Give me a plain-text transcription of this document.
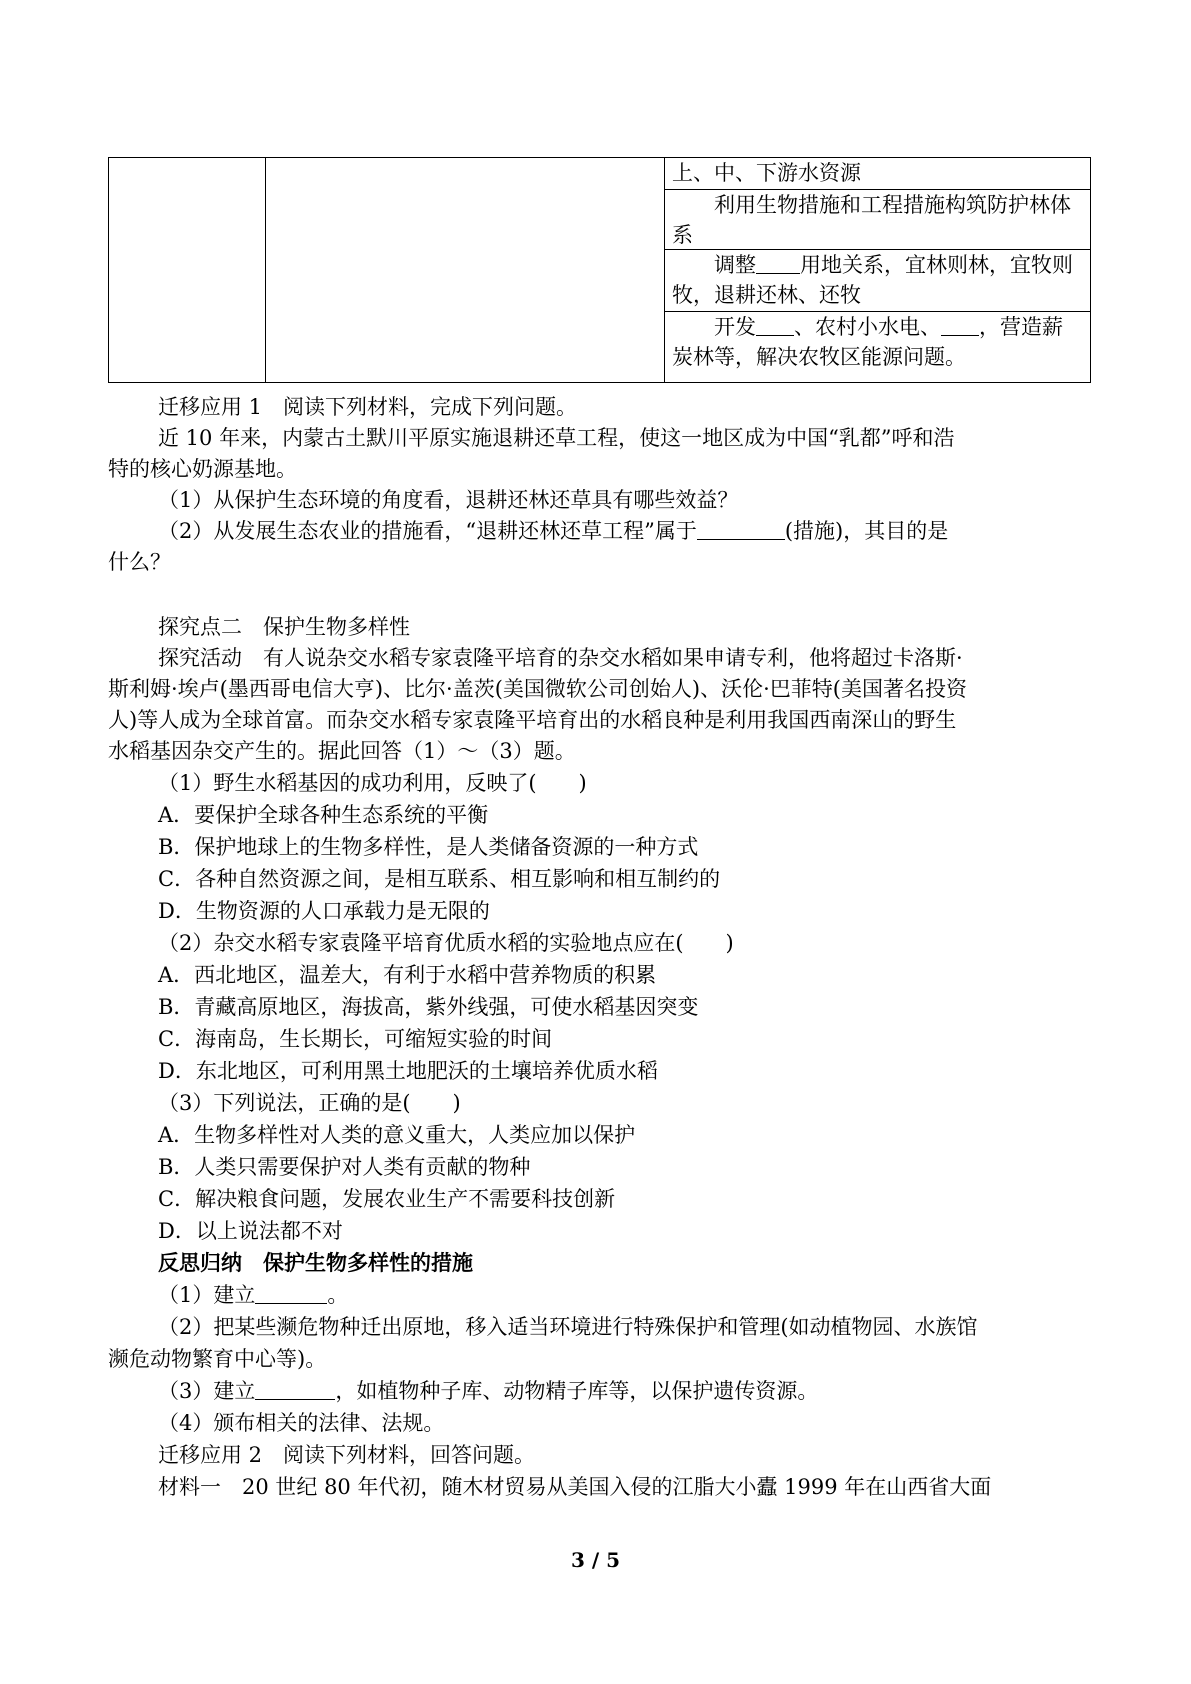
上、中、下游水资源

利用生物措施和工程措施构筑防护林体系

调整 用地关系，宜林则林，宜牧则牧，退耕还林、还牧

开发 、农村小水电、 ，营造薪炭林等，解决农牧区能源问题。

迁移应用 1　阅读下列材料，完成下列问题。
近 10 年来，内蒙古土默川平原实施退耕还草工程，使这一地区成为中国“乳都”呼和浩
特的核心奶源基地。
（1）从保护生态环境的角度看，退耕还林还草具有哪些效益？
（2）从发展生态农业的措施看，“退耕还林还草工程”属于	(措施)，其目的是
什么？
探究点二　保护生物多样性
探究活动　有人说杂交水稻专家袁隆平培育的杂交水稻如果申请专利，他将超过卡洛斯·
斯利姆·埃卢(墨西哥电信大亨)、比尔·盖茨(美国微软公司创始人)、沃伦·巴菲特(美国著名投资
人)等人成为全球首富。而杂交水稻专家袁隆平培育出的水稻良种是利用我国西南深山的野生
水稻基因杂交产生的。据此回答（1）～（3）题。
（1）野生水稻基因的成功利用，反映了(　　)
A．要保护全球各种生态系统的平衡
B．保护地球上的生物多样性，是人类储备资源的一种方式
C．各种自然资源之间，是相互联系、相互影响和相互制约的
D．生物资源的人口承载力是无限的
（2）杂交水稻专家袁隆平培育优质水稻的实验地点应在(　　)
A．西北地区，温差大，有利于水稻中营养物质的积累
B．青藏高原地区，海拔高，紫外线强，可使水稻基因突变
C．海南岛，生长期长，可缩短实验的时间
D．东北地区，可利用黑土地肥沃的土壤培养优质水稻
（3）下列说法，正确的是(　　)
A．生物多样性对人类的意义重大，人类应加以保护
B．人类只需要保护对人类有贡献的物种
C．解决粮食问题，发展农业生产不需要科技创新
D．以上说法都不对
反思归纳　保护生物多样性的措施
（1）建立	。
（2）把某些濒危物种迁出原地，移入适当环境进行特殊保护和管理(如动植物园、水族馆
濒危动物繁育中心等)。
（3）建立	，如植物种子库、动物精子库等，以保护遗传资源。
（4）颁布相关的法律、法规。
迁移应用 2　阅读下列材料，回答问题。
材料一　20 世纪 80 年代初，随木材贸易从美国入侵的江脂大小蠹 1999 年在山西省大面
3 / 5
